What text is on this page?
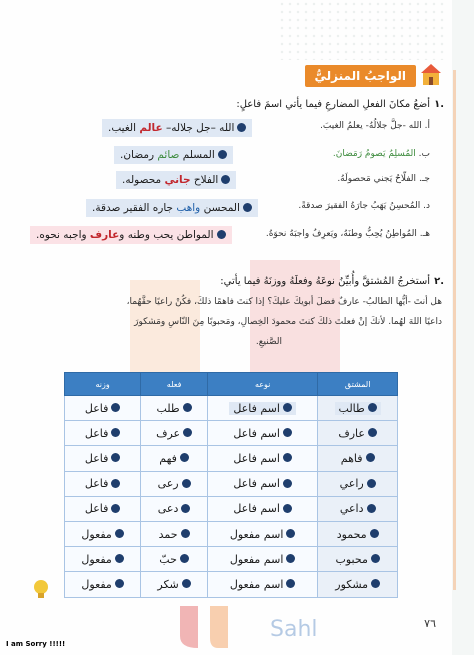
الواجبُ المنزليُّ
١.
أضعُ مكانَ الفعلِ المضارعِ فيما يأتي اسمَ فاعلٍ:
أ. الله -جلَّ جلالُهُ- يعلمُ الغيبَ.
الله –جل جلاله– عالم الغيب.
ب. المُسلِمُ يَصومُ رَمَضانَ.
المسلم صائم رمضان.
جـ. الفلّاحُ يَجني مَحصولَهُ.
الفلاح جاني محصوله.
د. المُحسِنُ يَهَبُ جارَهُ الفقيرَ صدقةً.
المحسن واهب جاره الفقير صدقة.
هـ. المُواطِنُ يُحِبُّ وطنَهُ، ويَعرِفُ واجبَهُ نحوَهُ.
المواطن يحب وطنه وعارف واجبه نحوه.
٢.
أستخرجُ المُشتقَّ وأُبيِّنُ نوعَهُ وفعلَهُ ووزنَهُ فيما يأتي:
هل أنتَ -أيُّها الطالبُ- عارفٌ فضلَ أبويكَ عليكَ؟ إذا كنتَ فاهمًا ذلكَ، فكُنْ راعيًا حقَّهُما،
داعيًا اللهَ لهُما. لأنكَ إنْ فعلتَ ذلكَ كنتَ محمودَ الخِصالِ، ومَحبوبًا مِنَ النّاسِ ومَشكورَ
الصَّنيعِ.
المشتق	نوعه	فعله	وزنه
طالب	اسم فاعل	طلب	فاعل
عارف	اسم فاعل	عرف	فاعل
فاهم	اسم فاعل	فهم	فاعل
راعي	اسم فاعل	رعى	فاعل
داعي	اسم فاعل	دعى	فاعل
محمود	اسم مفعول	حمد	مفعول
محبوب	اسم مفعول	حبّ	مفعول
مشكور	اسم مفعول	شكر	مفعول
Sahl	٧٦
I am Sorry !!!!!
